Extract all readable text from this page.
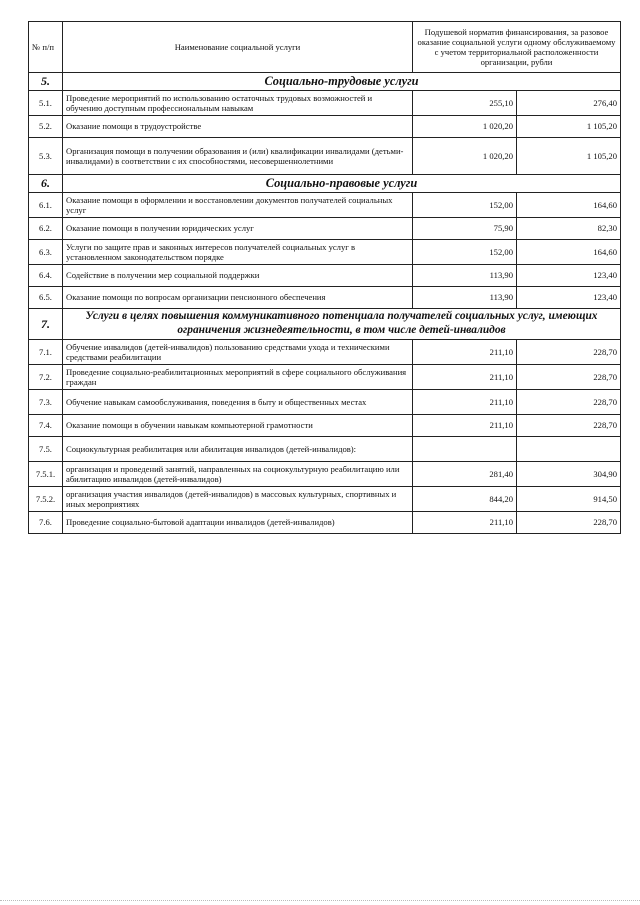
№ п/п	Наименование социальной услуги	Подушевой норматив финансирования, за разовое оказание социальной услуги одному обслуживаемому с учетом территориальной расположенности организации, рубли	
5.	Социально-трудовые услуги		
5.1.	Проведение мероприятий по использованию остаточных трудовых возможностей и обучению доступным профессиональным навыкам	255,10	276,40
5.2.	Оказание помощи в трудоустройстве	1 020,20	1 105,20
5.3.	Организация помощи в получении образования и (или) квалификации инвалидами (детьми-инвалидами) в соответствии с их способностями, несовершеннолетними	1 020,20	1 105,20
6.	Социально-правовые услуги		
6.1.	Оказание помощи в оформлении и восстановлении документов получателей социальных услуг	152,00	164,60
6.2.	Оказание помощи в получении юридических услуг	75,90	82,30
6.3.	Услуги по защите прав и законных интересов получателей социальных услуг в установленном законодательством порядке	152,00	164,60
6.4.	Содействие в получении мер социальной поддержки	113,90	123,40
6.5.	Оказание помощи по вопросам организации пенсионного обеспечения	113,90	123,40
7.	Услуги в целях повышения коммуникативного потенциала получателей социальных услуг, имеющих ограничения жизнедеятельности, в том числе детей-инвалидов		
7.1.	Обучение инвалидов (детей-инвалидов) пользованию средствами ухода и техническими средствами реабилитации	211,10	228,70
7.2.	Проведение социально-реабилитационных мероприятий в сфере социального обслуживания граждан	211,10	228,70
7.3.	Обучение навыкам самообслуживания, поведения в быту и общественных местах	211,10	228,70
7.4.	Оказание помощи в обучении навыкам компьютерной грамотности	211,10	228,70
7.5.	Социокультурная реабилитация или абилитация инвалидов (детей-инвалидов):		
7.5.1.	организация и проведений занятий, направленных на социокультурную реабилитацию или абилитацию инвалидов (детей-инвалидов)	281,40	304,90
7.5.2.	организация участия инвалидов (детей-инвалидов) в массовых культурных, спортивных и иных мероприятиях	844,20	914,50
7.6.	Проведение социально-бытовой адаптации инвалидов (детей-инвалидов)	211,10	228,70
